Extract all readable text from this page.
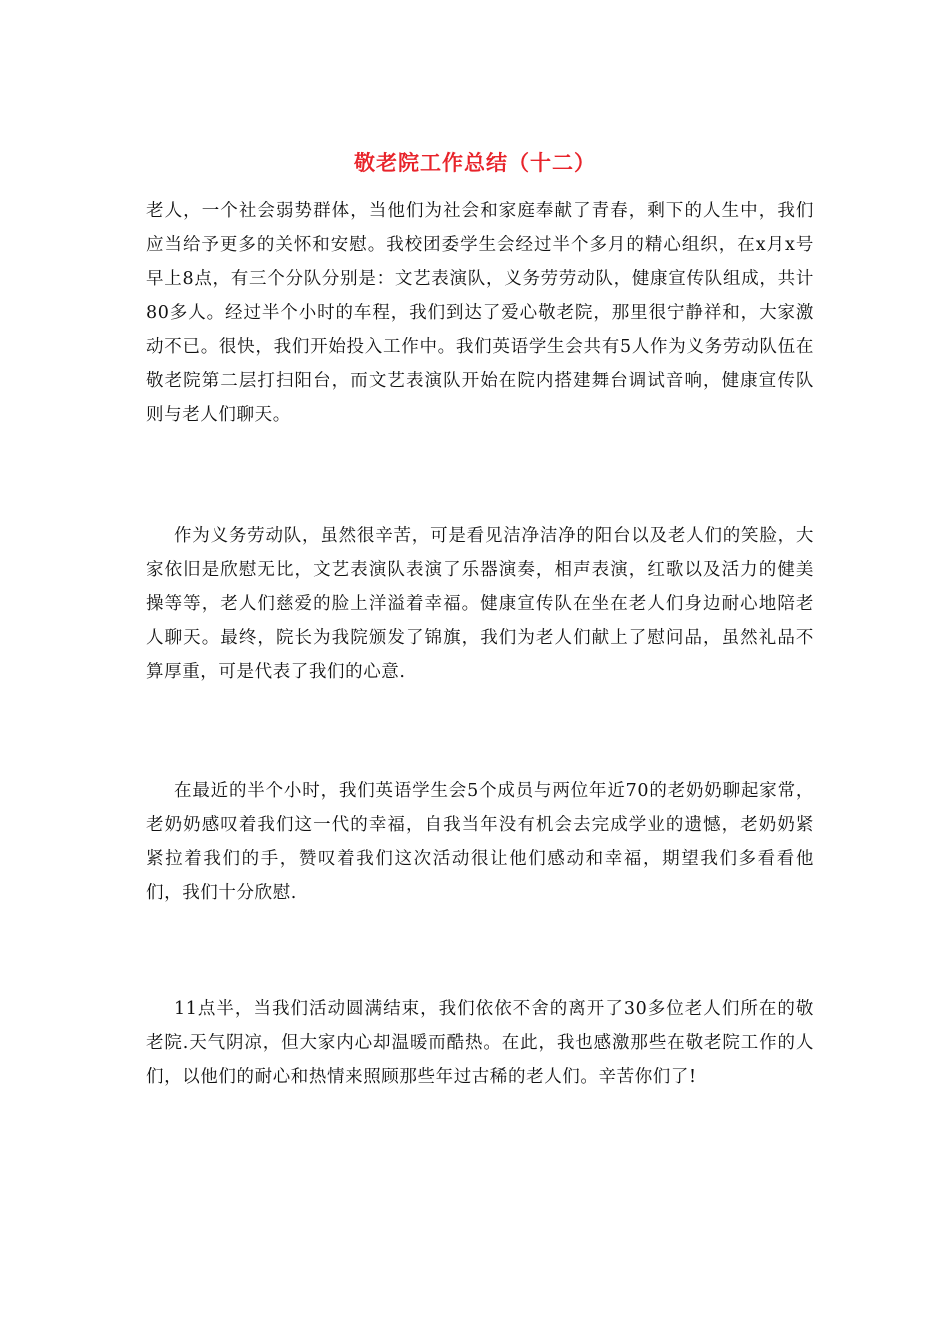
敬老院工作总结（十二）
老人，一个社会弱势群体，当他们为社会和家庭奉献了青春，剩下的人生中，我们应当给予更多的关怀和安慰。我校团委学生会经过半个多月的精心组织，在x月x号早上8点，有三个分队分别是：文艺表演队，义务劳劳动队，健康宣传队组成，共计80多人。经过半个小时的车程，我们到达了爱心敬老院，那里很宁静祥和，大家激动不已。很快，我们开始投入工作中。我们英语学生会共有5人作为义务劳动队伍在敬老院第二层打扫阳台，而文艺表演队开始在院内搭建舞台调试音响，健康宣传队则与老人们聊天。
作为义务劳动队，虽然很辛苦，可是看见洁净洁净的阳台以及老人们的笑脸，大家依旧是欣慰无比，文艺表演队表演了乐器演奏，相声表演，红歌以及活力的健美操等等，老人们慈爱的脸上洋溢着幸福。健康宣传队在坐在老人们身边耐心地陪老人聊天。最终，院长为我院颁发了锦旗，我们为老人们献上了慰问品，虽然礼品不算厚重，可是代表了我们的心意.
在最近的半个小时，我们英语学生会5个成员与两位年近70的老奶奶聊起家常，老奶奶感叹着我们这一代的幸福，自我当年没有机会去完成学业的遗憾，老奶奶紧紧拉着我们的手，赞叹着我们这次活动很让他们感动和幸福，期望我们多看看他们，我们十分欣慰.
11点半，当我们活动圆满结束，我们依依不舍的离开了30多位老人们所在的敬老院.天气阴凉，但大家内心却温暖而酷热。在此，我也感激那些在敬老院工作的人们，以他们的耐心和热情来照顾那些年过古稀的老人们。辛苦你们了!
